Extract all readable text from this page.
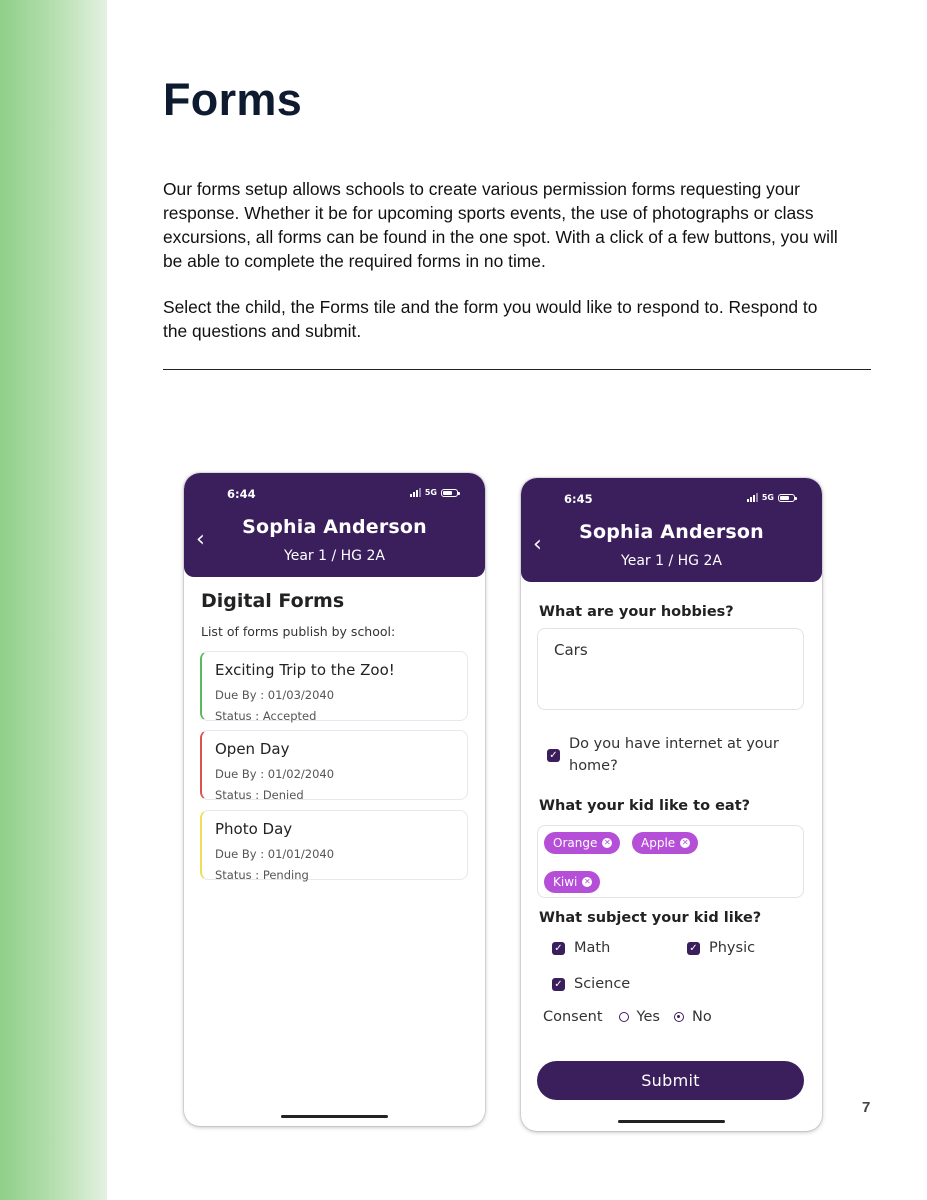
Forms

Our forms setup allows schools to create various permission forms requesting your response. Whether it be for upcoming sports events, the use of photographs or class excursions, all forms can be found in the one spot. With a click of a few buttons, you will be able to complete the required forms in no time.

Select the child, the Forms tile and the form you would like to respond to. Respond to the questions and submit.

6:44	5G
‹	Sophia Anderson
Year 1 / HG 2A
Digital Forms
List of forms publish by school:
Exciting Trip to the Zoo!
Due By : 01/03/2040
Status : Accepted
Open Day
Due By : 01/02/2040
Status : Denied
Photo Day
Due By : 01/01/2040
Status : Pending
6:45	5G
‹	Sophia Anderson
Year 1 / HG 2A
What are your hobbies?
Cars
✓
Do you have internet at your home?
What your kid like to eat?
Orange ✕	Apple ✕
Kiwi ✕
What subject your kid like?
✓ Math	✓ Physic
✓ Science
Consent Yes No
Submit
7
